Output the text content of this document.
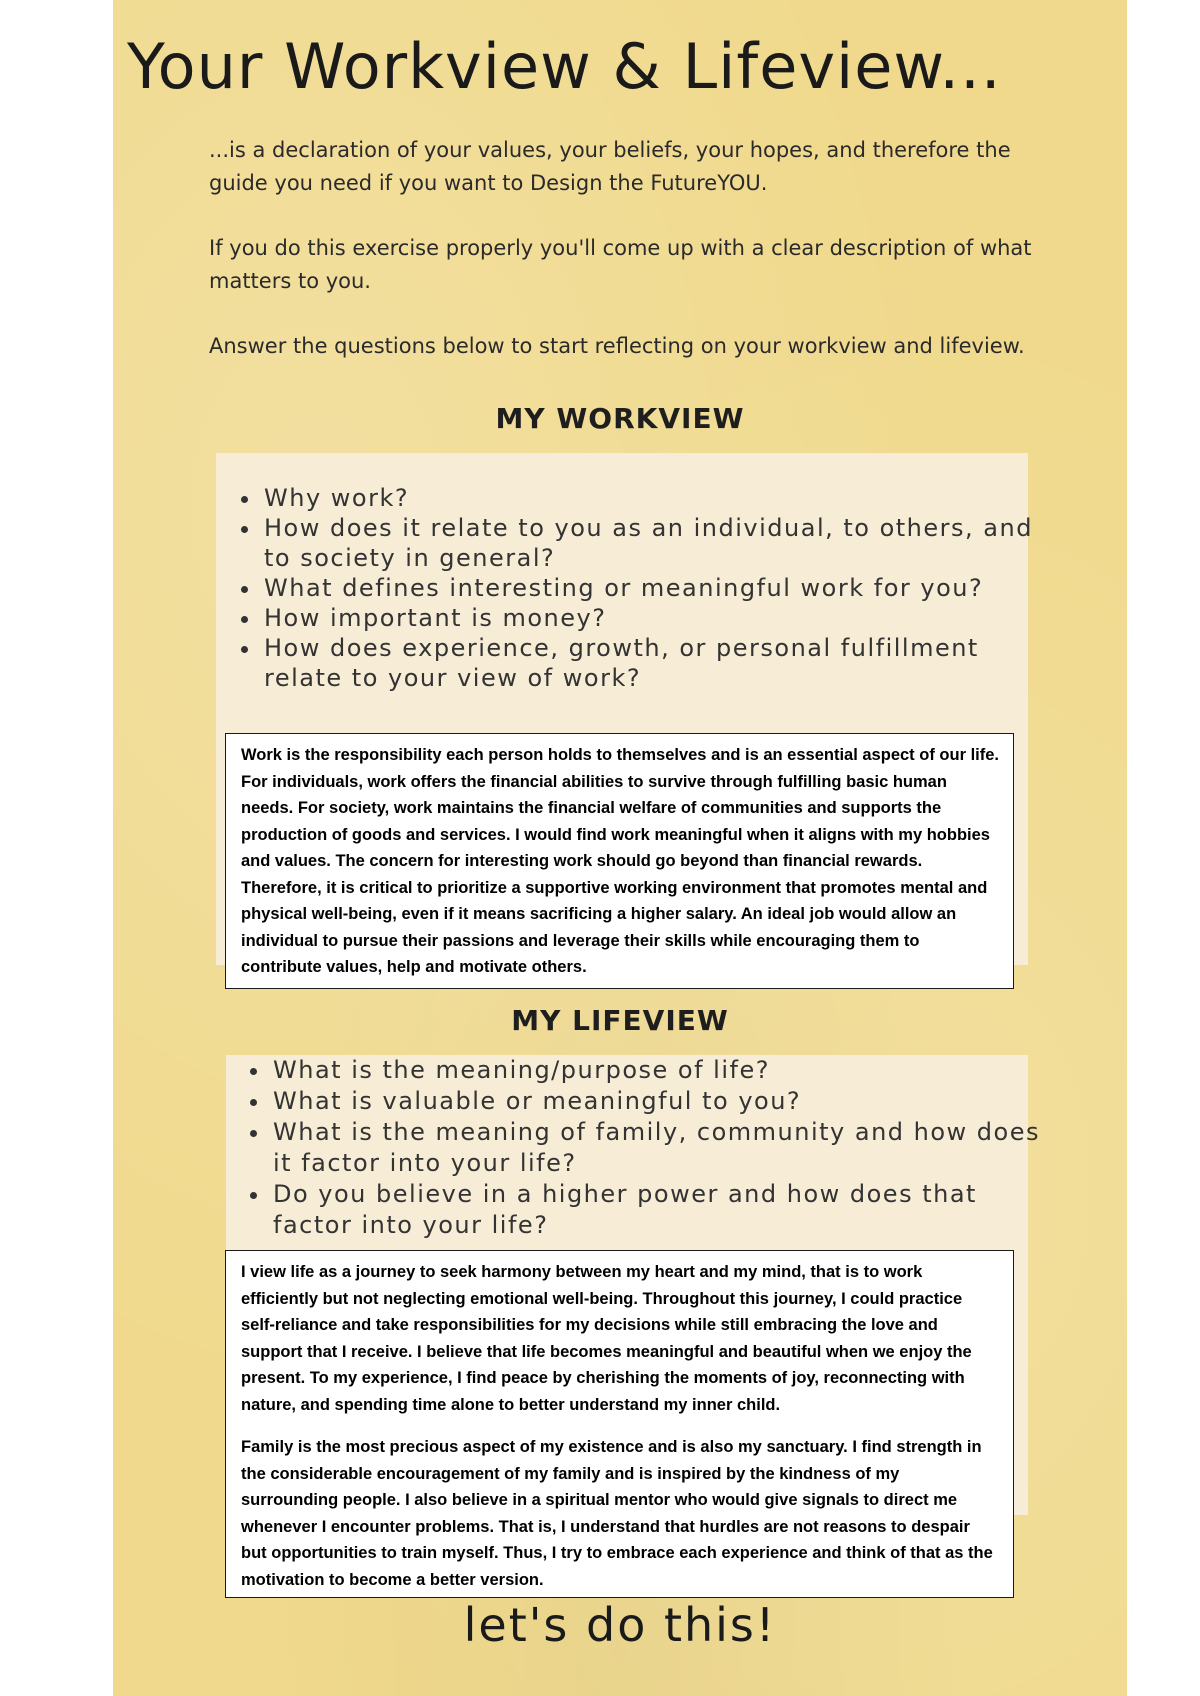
Your Workview & Lifeview...

...is a declaration of your values, your beliefs, your hopes, and therefore the guide you need if you want to Design the FutureYOU.

If you do this exercise properly you'll come up with a clear description of what matters to you.

Answer the questions below to start reflecting on your workview and lifeview.

MY WORKVIEW
• Why work?
• How does it relate to you as an individual, to others, and to society in general?
• What defines interesting or meaningful work for you?
• How important is money?
• How does experience, growth, or personal fulfillment relate to your view of work?

Work is the responsibility each person holds to themselves and is an essential aspect of our life. For individuals, work offers the financial abilities to survive through fulfilling basic human needs. For society, work maintains the financial welfare of communities and supports the production of goods and services. I would find work meaningful when it aligns with my hobbies and values. The concern for interesting work should go beyond than financial rewards. Therefore, it is critical to prioritize a supportive working environment that promotes mental and physical well-being, even if it means sacrificing a higher salary. An ideal job would allow an individual to pursue their passions and leverage their skills while encouraging them to contribute values, help and motivate others.

MY LIFEVIEW
• What is the meaning/purpose of life?
• What is valuable or meaningful to you?
• What is the meaning of family, community and how does it factor into your life?
• Do you believe in a higher power and how does that factor into your life?

I view life as a journey to seek harmony between my heart and my mind, that is to work efficiently but not neglecting emotional well-being. Throughout this journey, I could practice self-reliance and take responsibilities for my decisions while still embracing the love and support that I receive. I believe that life becomes meaningful and beautiful when we enjoy the present. To my experience, I find peace by cherishing the moments of joy, reconnecting with nature, and spending time alone to better understand my inner child.

Family is the most precious aspect of my existence and is also my sanctuary. I find strength in the considerable encouragement of my family and is inspired by the kindness of my surrounding people. I also believe in a spiritual mentor who would give signals to direct me whenever I encounter problems. That is, I understand that hurdles are not reasons to despair but opportunities to train myself. Thus, I try to embrace each experience and think of that as the motivation to become a better version.

let's do this!
